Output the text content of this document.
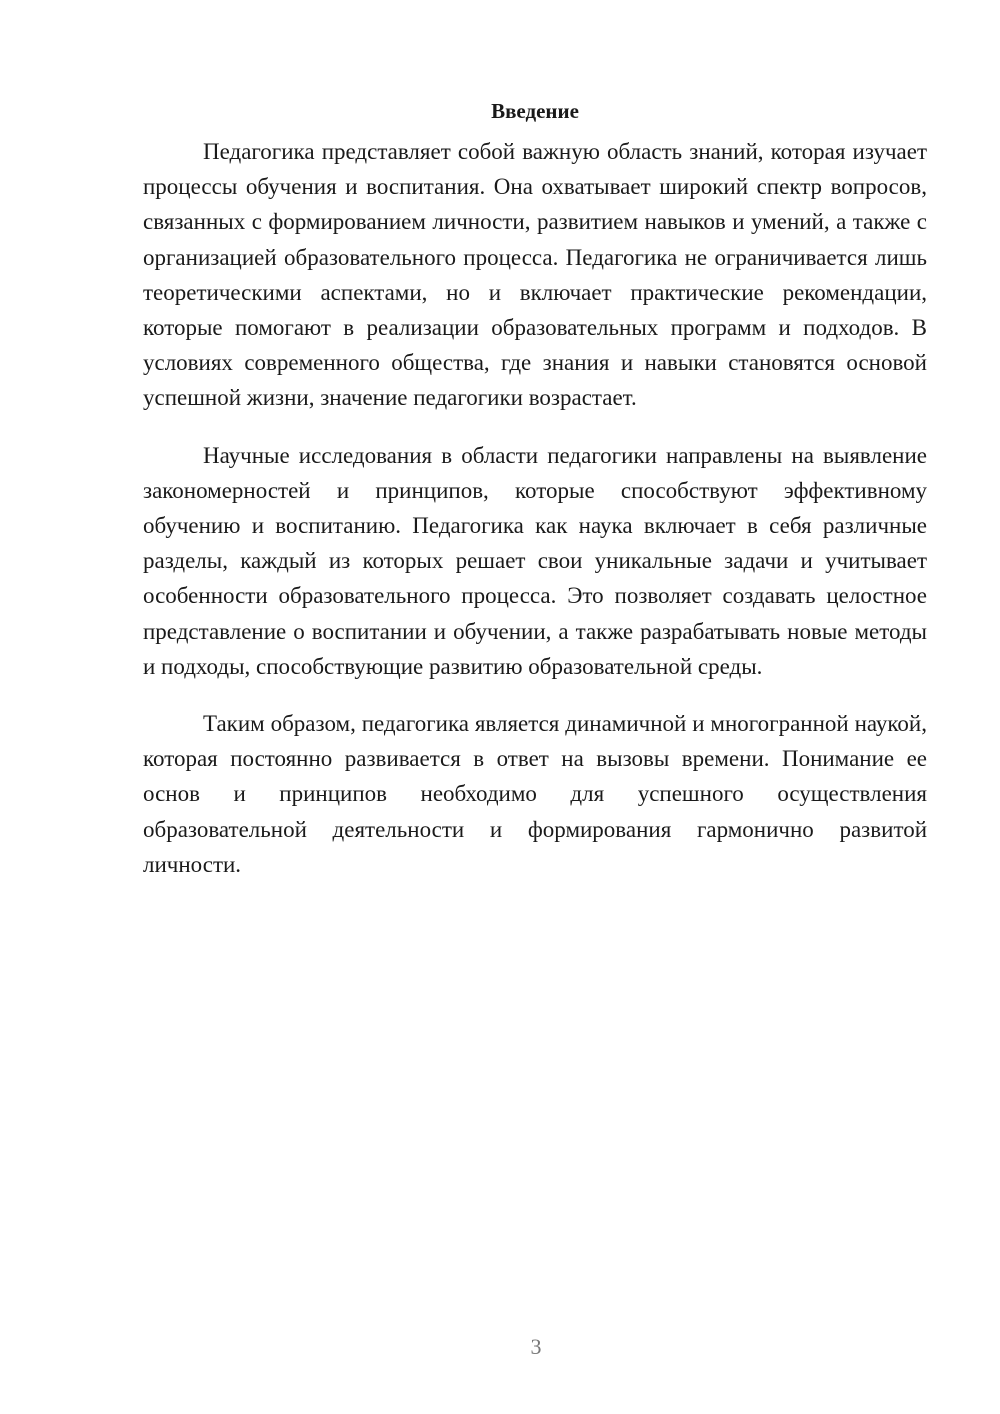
Введение

Педагогика представляет собой важную область знаний, которая изучает процессы обучения и воспитания. Она охватывает широкий спектр вопросов, связанных с формированием личности, развитием навыков и умений, а также с организацией образовательного процесса. Педагогика не ограничивается лишь теоретическими аспектами, но и включает практические рекомендации, которые помогают в реализации образовательных программ и подходов. В условиях современного общества, где знания и навыки становятся основой успешной жизни, значение педагогики возрастает.

Научные исследования в области педагогики направлены на выявление закономерностей и принципов, которые способствуют эффективному обучению и воспитанию. Педагогика как наука включает в себя различные разделы, каждый из которых решает свои уникальные задачи и учитывает особенности образовательного процесса. Это позволяет создавать целостное представление о воспитании и обучении, а также разрабатывать новые методы и подходы, способствующие развитию образовательной среды.

Таким образом, педагогика является динамичной и многогранной наукой, которая постоянно развивается в ответ на вызовы времени. Понимание ее основ и принципов необходимо для успешного осуществления образовательной деятельности и формирования гармонично развитой личности.

3
